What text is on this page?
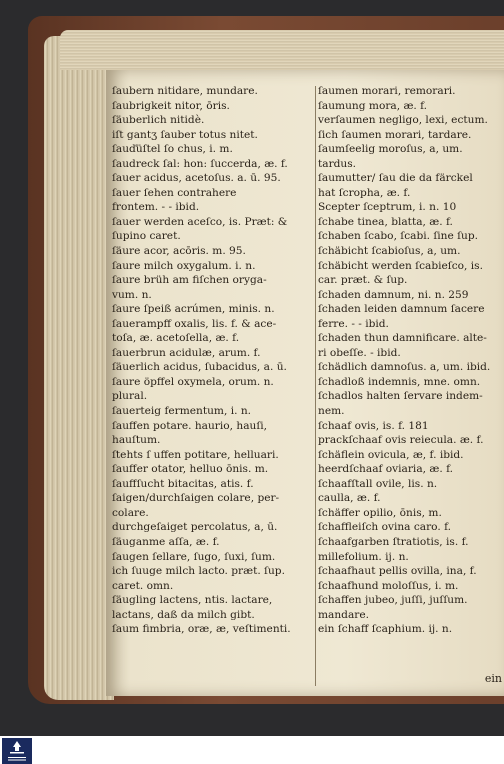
ſaubern nitidare, mundare.
ſaubrigkeit nitor, ōris.
ſäuberlich nitidè.
iſt gantʒ ſauber totus nitet.
ſauďüſtel ſo chus, i. m.
ſaudreck ſal: hon: ſuccerda, æ. f.
ſauer acidus, acetoſus. a. ū. 95.
ſauer ſehen contrahere
frontem. - - ibid.
ſauer werden aceſco, is. Præt: &
ſupino caret.
ſäure acor, acōris. m. 95.
ſaure milch oxygalum. i. n.
ſaure brüh am fiſchen oryga-
vum. n.
ſaure ſpeiß acrúmen, minis. n.
ſauerampff oxalis, lis. f. & ace-
toſa, æ. acetoſella, æ. f.
ſauerbrun acidulæ, arum. f.
ſäuerlich acidus, ſubacidus, a. ū.
ſaure öpffel oxymela, orum. n.
plural.
ſauerteig fermentum, i. n.
ſauffen potare. haurio, hauſi,
hauſtum.
ſtehts ſ uffen potitare, helluari.
ſauffer otator, helluo ōnis. m.
ſauffſucht bitacitas, atis. f.
ſaigen/durchſaigen colare, per-
colare.
durchgeſaiget percolatus, a, ū.
ſäuganme aſſa, æ. f.
ſaugen ſellare, ſugo, ſuxi, ſum.
ich ſuuge milch lacto. præt. ſup.
caret. omn.
ſäugling lactens, ntis. lactare,
lactans, daß da milch gibt.
ſaum fimbria, oræ, æ, veſtimenti.
ſaumen morari, remorari.
ſaumung mora, æ. f.
verſaumen negligo, lexi, ectum.
ſich ſaumen morari, tardare.
ſaumſeelig moroſus, a, um.
tardus.
ſaumutter/ ſau die da färckel
hat ſcropha, æ. f.
Scepter ſceptrum, i. n. 10
ſchabe tinea, blatta, æ. f.
ſchaben ſcabo, ſcabi. ſine ſup.
ſchäbicht ſcabioſus, a, um.
ſchäbicht werden ſcabieſco, is.
car. præt. & ſup.
ſchaden damnum, ni. n. 259
ſchaden leiden damnum ſacere
ferre. - - ibid.
ſchaden thun damnificare. alte-
ri obeſſe. - ibid.
ſchädlich damnoſus. a, um. ibid.
ſchadloß indemnis, mne. omn.
ſchadlos halten ſervare indem-
nem.
ſchaaf ovis, is. f. 181
prackſchaaf ovis reiecula. æ. f.
ſchäflein ovicula, æ, f. ibid.
heerdſchaaf oviaria, æ. f.
ſchaafſtall ovile, lis. n.
caulla, æ. f.
ſchäffer opilio, ōnis, m.
ſchaffleiſch ovina caro. f.
ſchaafgarben ſtratiotis, is. f.
millefolium. ij. n.
ſchaafhaut pellis ovilla, ina, f.
ſchaafhund moloſſus, i. m.
ſchaffen jubeo, juſſi, juſſum.
mandare.
ein ſchaff ſcaphium. ij. n.
ein
